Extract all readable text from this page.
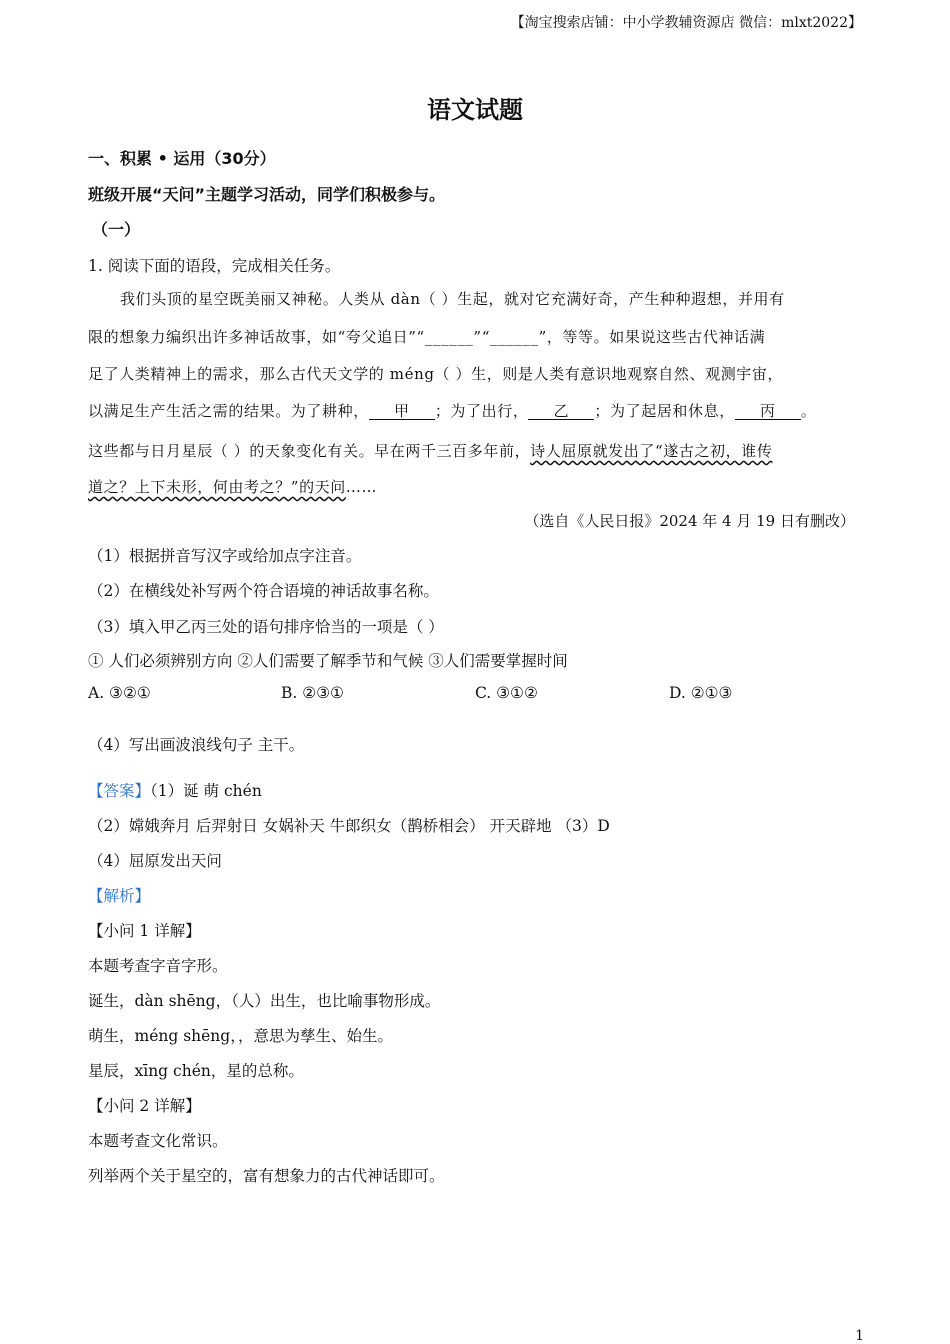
【淘宝搜索店铺：中小学教辅资源店 微信：mlxt2022】
语文试题
一、积累 • 运用（30分）
班级开展“天问”主题学习活动，同学们积极参与。
（一）
1. 阅读下面的语段，完成相关任务。
我们头顶的星空既美丽又神秘。人类从 dàn（ ）生起，就对它充满好奇，产生种种遐想，并用有
限的想象力编织出许多神话故事，如“夸父追日”“______”“______”，等等。如果说这些古代神话满
足了人类精神上的需求，那么古代天文学的 méng（ ）生，则是人类有意识地观察自然、观测宇宙，
以满足生产生活之需的结果。为了耕种， 甲 ；为了出行， 乙 ；为了起居和休息， 丙 。
这些都与日月星辰（ ）的天象变化有关。早在两千三百多年前，诗人屈原就发出了“遂古之初，谁传
道之？上下未形，何由考之？”的天问……
（选自《人民日报》2024 年 4 月 19 日有删改）
（1）根据拼音写汉字或给加点字注音。
（2）在横线处补写两个符合语境的神话故事名称。
（3）填入甲乙丙三处的语句排序恰当的一项是（ ）
① 人们必须辨别方向 ②人们需要了解季节和气候 ③人们需要掌握时间
A. ③②①	B. ②③①	C. ③①②	D. ②①③
（4）写出画波浪线句子 主干。
【答案】（1）诞 萌 chén
（2）嫦娥奔月 后羿射日 女娲补天 牛郎织女（鹊桥相会） 开天辟地 （3）D
（4）屈原发出天问
【解析】
【小问 1 详解】
本题考查字音字形。
诞生，dàn shēng，（人）出生，也比喻事物形成。
萌生，méng shēng，，意思为孳生、始生。
星辰，xīng chén，星的总称。
【小问 2 详解】
本题考查文化常识。
列举两个关于星空的，富有想象力的古代神话即可。
1
